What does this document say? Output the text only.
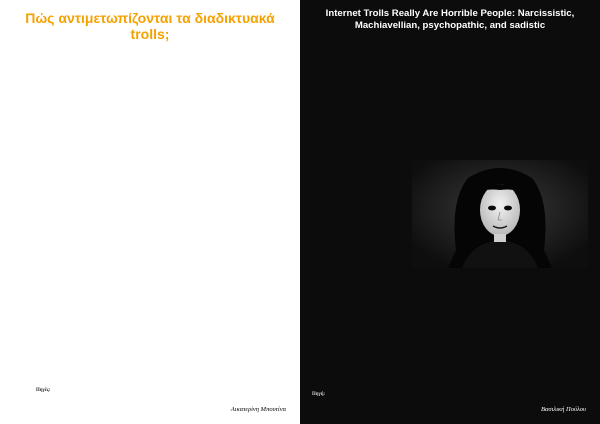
Πώς αντιμετωπίζονται τα διαδικτυακά trolls;

Πηγές:
Αικατερίνη Μπουτίνα
Internet Trolls Really Are Horrible People: Narcissistic, Machiavellian, psychopathic, and sadistic

Πηγή:
Βασιλική Πούλου
